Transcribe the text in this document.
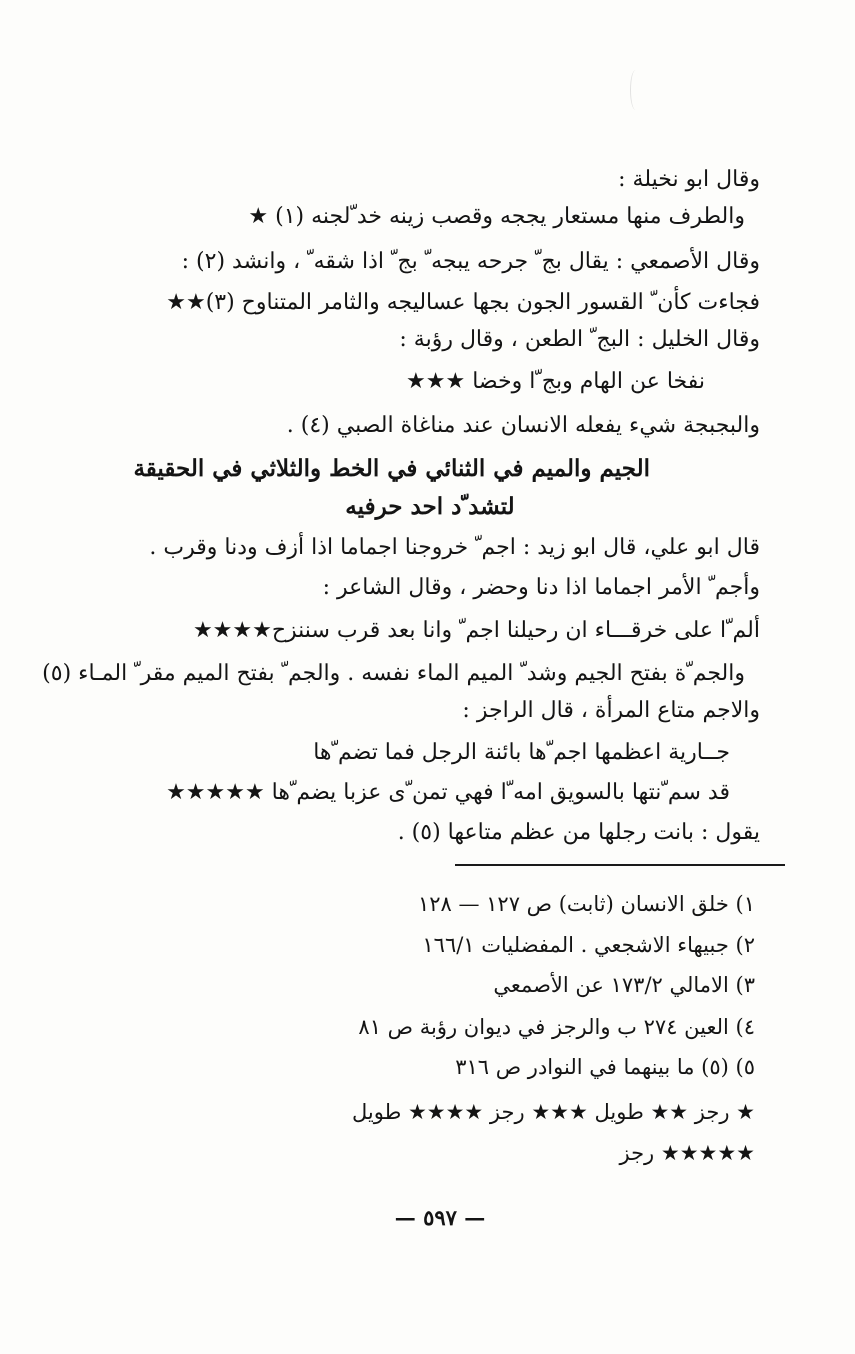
وقال ابو نخيلة :
والطرف منها مستعار يججه وقصب زينه خد ّلجنه (١) ★
وقال الأصمعي : يقال بج ّ جرحه يبجه ّ بج ّ اذا شقه ّ ، وانشد (٢) :
فجاءت كأن ّ القسور الجون بجها عساليجه والثامر المتناوح (٣)★★
وقال الخليل : البج ّ الطعن ، وقال رؤبة :
نفخا عن الهام وبج ّا وخضا ★★★
والبجبجة شيء يفعله الانسان عند مناغاة الصبي (٤) .
الجيم والميم في الثنائي في الخط والثلاثي في الحقيقة
لتشد ّد احد حرفيه
قال ابو علي، قال ابو زيد : اجم ّ خروجنا اجماما اذا أزف ودنا وقرب .
وأجم ّ الأمر اجماما اذا دنا وحضر ، وقال الشاعر :
ألم ّا على خرقـــاء ان رحيلنا اجم ّ وانا بعد قرب سننزح★★★★
والجم ّة بفتح الجيم وشد ّ الميم الماء نفسه . والجم ّ بفتح الميم مقر ّ المـاء (٥)
والاجم متاع المرأة ، قال الراجز :
جــارية اعظمها اجم ّها بائنة الرجل فما تضم ّها
قد سم ّنتها بالسويق امه ّا فهي تمن ّى عزبا يضم ّها ★★★★★
يقول : بانت رجلها من عظم متاعها (٥) .
١) خلق الانسان (ثابت) ص ١٢٧ — ١٢٨
٢) جبيهاء الاشجعي . المفضليات ١٦٦/١
٣) الامالي ١٧٣/٢ عن الأصمعي
٤) العين ٢٧٤ ب والرجز في ديوان رؤبة ص ٨١
٥) (٥) ما بينهما في النوادر ص ٣١٦
★ رجز ★★ طويل ★★★ رجز ★★★★ طويل
★★★★★ رجز
— ٥٩٧ —
